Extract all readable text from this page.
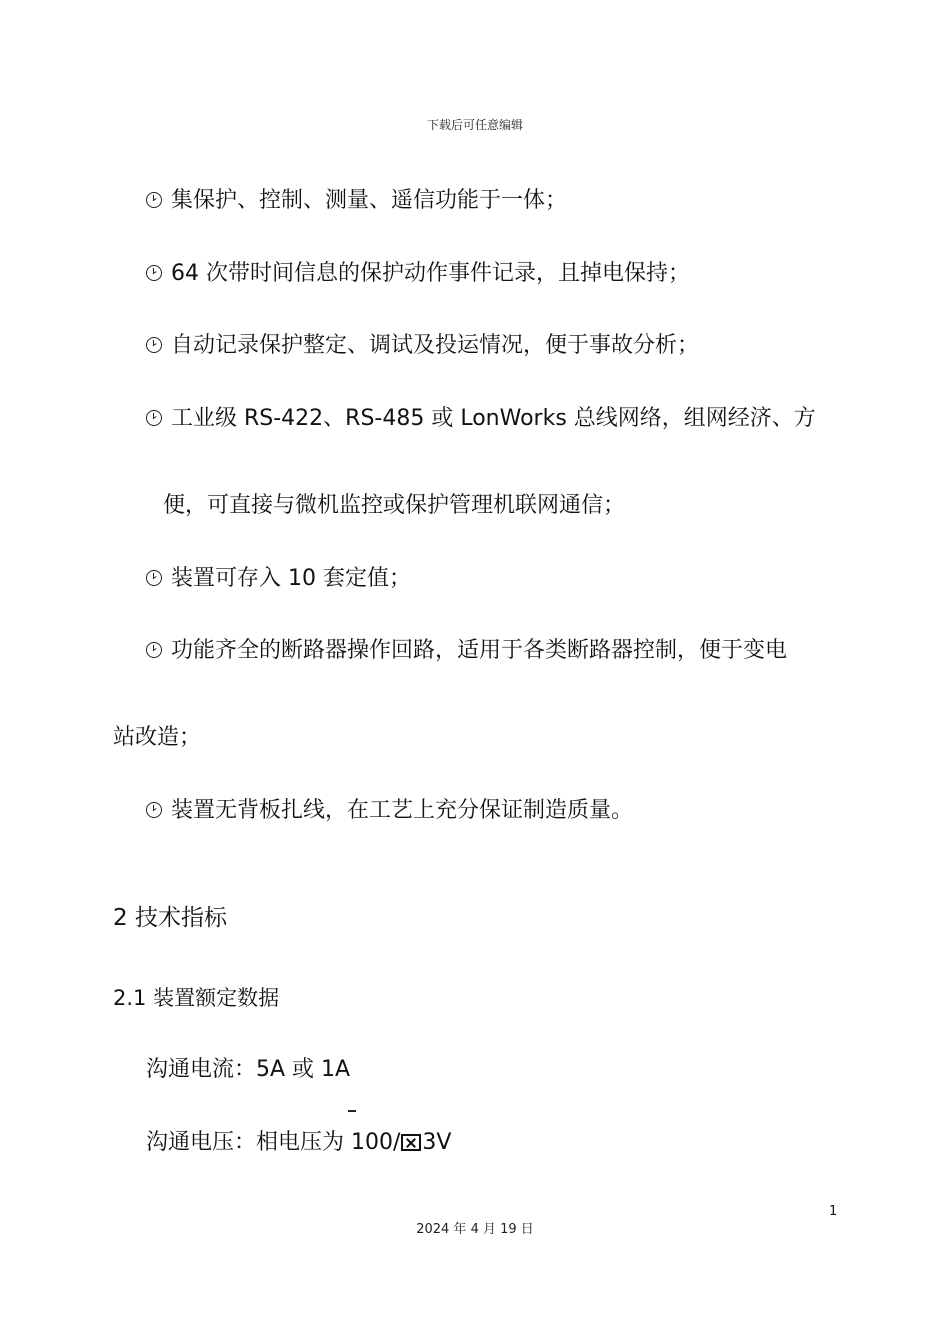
下载后可任意编辑
集保护、控制、测量、遥信功能于一体；
64 次带时间信息的保护动作事件记录，且掉电保持；
自动记录保护整定、调试及投运情况，便于事故分析；
工业级 RS-422、RS-485 或 LonWorks 总线网络，组网经济、方
便，可直接与微机监控或保护管理机联网通信；
装置可存入 10 套定值；
功能齐全的断路器操作回路，适用于各类断路器控制，便于变电
站改造；
装置无背板扎线，在工艺上充分保证制造质量。
2 技术指标
2.1 装置额定数据
沟通电流：5A 或 1A
沟通电压：相电压为 100/ 3V
1
2024 年 4 月 19 日
